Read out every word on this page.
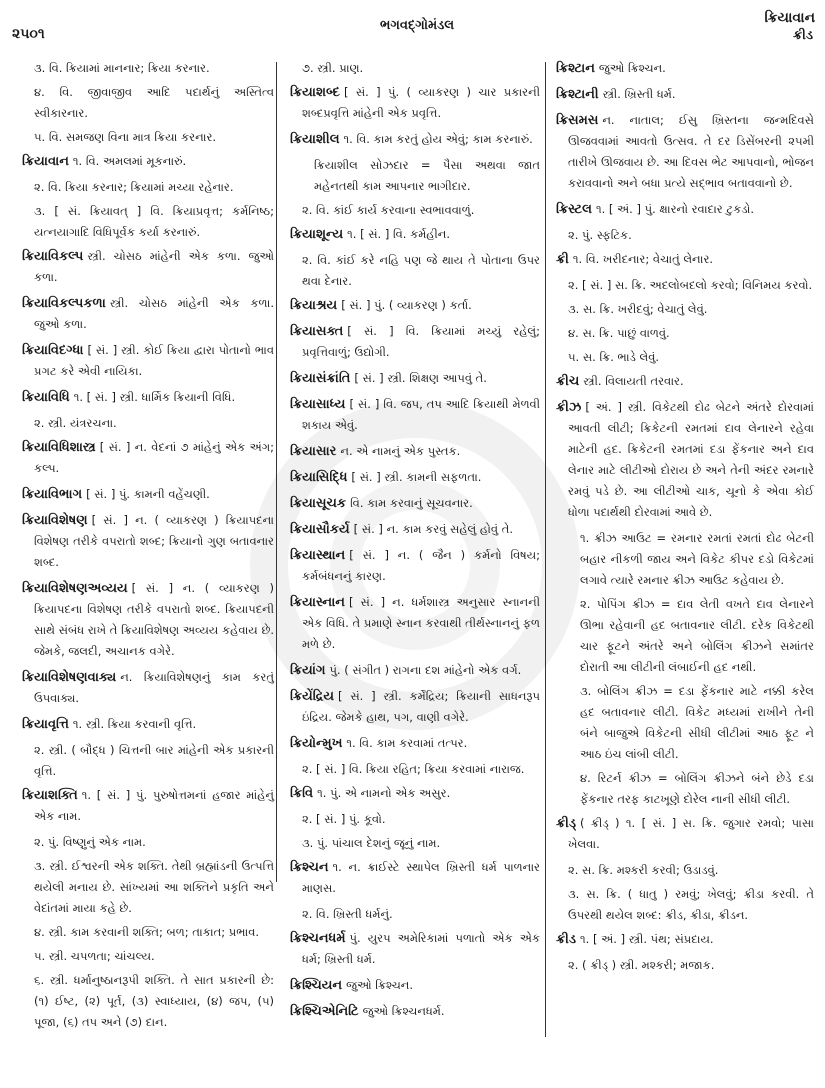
૨૫૦૧
ભગવદ્ગોમંડલ	ક્રિયાવાન
ક્રીડ
૩. વિ. ક્રિયામાં માનનાર; ક્રિયા કરનાર.
૪. વિ. જીવાજીવ આદિ પદાર્થનું અસ્તિત્વ સ્વીકારનાર.
૫. વિ. સમજણ વિના માત્ર ક્રિયા કરનાર.
ક્રિયાવાન ૧. વિ. અમલમાં મૂકનારું.
૨. વિ. ક્રિયા કરનાર; ક્રિયામાં મચ્યા રહેનાર.
૩. [ સં. ક્રિયાવત્ ] વિ. ક્રિયાપ્રવૃત્ત; કર્મનિષ્ઠ; યત્નયાગાદિ વિધિપૂર્વક કર્યા કરનારું.
ક્રિયાવિકલ્પ સ્ત્રી. ચોસઠ માંહેની એક કળા. જુઓ કળા.
ક્રિયાવિકલ્પકળા સ્ત્રી. ચોસઠ માંહેની એક કળા. જુઓ કળા.
ક્રિયાવિદગ્ધા [ સં. ] સ્ત્રી. કોઈ ક્રિયા દ્વારા પોતાનો ભાવ પ્રગટ કરે એવી નાયિકા.
ક્રિયાવિધિ ૧. [ સં. ] સ્ત્રી. ધાર્મિક ક્રિયાની વિધિ.
૨. સ્ત્રી. યંત્રરચના.
ક્રિયાવિધિશાસ્ત્ર [ સં. ] ન. વેદનાં ૭ માંહેનું એક અંગ; કલ્પ.
ક્રિયાવિભાગ [ સં. ] પું. કામની વહેંચણી.
ક્રિયાવિશેષણ [ સં. ] ન. ( વ્યાકરણ ) ક્રિયાપદના વિશેષણ તરીકે વપરાતો શબ્દ; ક્રિયાનો ગુણ બતાવનાર શબ્દ.
ક્રિયાવિશેષણઅવ્યય [ સં. ] ન. ( વ્યાકરણ ) ક્રિયાપદના વિશેષણ તરીકે વપરાતો શબ્દ. ક્રિયાપદની સાથે સંબંધ રાખે તે ક્રિયાવિશેષણ અવ્યય કહેવાય છે. જેમકે, જલદી, અચાનક વગેરે.
ક્રિયાવિશેષણવાક્ય ન. ક્રિયાવિશેષણનું કામ કરતું ઉપવાક્ય.
ક્રિયાવૃત્તિ ૧. સ્ત્રી. ક્રિયા કરવાની વૃત્તિ.
૨. સ્ત્રી. ( બૌદ્ધ ) ચિત્તની બાર માંહેની એક પ્રકારની વૃત્તિ.
ક્રિયાશક્તિ ૧. [ સં. ] પું. પુરુષોત્તમનાં હજાર માંહેનું એક નામ.
૨. પું. વિષ્ણુનું એક નામ.
૩. સ્ત્રી. ઈશ્વરની એક શક્તિ. તેથી બ્રહ્માંડની ઉત્પત્તિ થયેલી મનાય છે. સાંખ્યમાં આ શક્તિને પ્રકૃતિ અને વેદાંતમાં માયા કહે છે.
૪. સ્ત્રી. કામ કરવાની શક્તિ; બળ; તાકાત; પ્રભાવ.
૫. સ્ત્રી. ચપળતા; ચાંચલ્ય.
૬. સ્ત્રી. ધર્માનુષ્ઠાનરૂપી શક્તિ. તે સાત પ્રકારની છે: (૧) ઈષ્ટ, (૨) પૂર્ત, (૩) સ્વાધ્યાય, (૪) જપ, (૫) પૂજા, (૬) તપ અને (૭) દાન.
૭. સ્ત્રી. પ્રાણ.
ક્રિયાશબ્દ [ સં. ] પું. ( વ્યાકરણ ) ચાર પ્રકારની શબ્દપ્રવૃત્તિ માંહેની એક પ્રવૃત્તિ.
ક્રિયાશીલ ૧. વિ. કામ કરતું હોય એવું; કામ કરનારું.
ક્રિયાશીલ સોઝદાર = પૈસા અથવા જાત મહેનતથી કામ આપનાર ભાગીદાર.
૨. વિ. કાંઈ કાર્ય કરવાના સ્વભાવવાળું.
ક્રિયાશૂન્ય ૧. [ સં. ] વિ. કર્મહીન.
૨. વિ. કાંઈ કરે નહિ પણ જે થાય તે પોતાના ઉપર થવા દેનાર.
ક્રિયાશ્રય [ સં. ] પું. ( વ્યાકરણ ) કર્તા.
ક્રિયાસક્ત [ સં. ] વિ. ક્રિયામાં મચ્યું રહેલું; પ્રવૃત્તિવાળું; ઉદ્યોગી.
ક્રિયાસંક્રાંતિ [ સં. ] સ્ત્રી. શિક્ષણ આપવું તે.
ક્રિયાસાધ્ય [ સં. ] વિ. જપ, તપ આદિ ક્રિયાથી મેળવી શકાય એવું.
ક્રિયાસાર ન. એ નામનું એક પુસ્તક.
ક્રિયાસિદ્ધિ [ સં. ] સ્ત્રી. કામની સફળતા.
ક્રિયાસૂચક વિ. કામ કરવાનું સૂચવનાર.
ક્રિયાસૌકર્ય [ સં. ] ન. કામ કરવું સહેલું હોવું તે.
ક્રિયાસ્થાન [ સં. ] ન. ( જૈન ) કર્મનો વિષય; કર્મબંધનનું કારણ.
ક્રિયાસ્નાન [ સં. ] ન. ધર્મશાસ્ત્ર અનુસાર સ્નાનની એક વિધિ. તે પ્રમાણે સ્નાન કરવાથી તીર્થસ્નાનનું ફળ મળે છે.
ક્રિયાંગ પું. ( સંગીત ) રાગના દશ માંહેનો એક વર્ગ.
ક્રિયેંદ્રિય [ સં. ] સ્ત્રી. કર્મેંદ્રિય; ક્રિયાની સાધનરૂપ ઇંદ્રિય. જેમકે હાથ, પગ, વાણી વગેરે.
ક્રિયોન્મુખ ૧. વિ. કામ કરવામાં તત્પર.
૨. [ સં. ] વિ. ક્રિયા રહિત; ક્રિયા કરવામાં નારાજ.
ક્રિવિ ૧. પું. એ નામનો એક અસુર.
૨. [ સં. ] પું. કૂવો.
૩. પું. પાંચાલ દેશનું જૂનું નામ.
ક્રિશ્ચન ૧. ન. ક્રાઈસ્ટે સ્થાપેલ ખ્રિસ્તી ધર્મ પાળનાર માણસ.
૨. વિ. ખ્રિસ્તી ધર્મનું.
ક્રિશ્ચનધર્મ પું. યુરપ અમેરિકામાં પળાતો એક એક ધર્મ; ખ્રિસ્તી ધર્મ.
ક્રિશ્ચિયન જુઓ ક્રિશ્ચન.
ક્રિશ્ચિએનિટિ જુઓ ક્રિશ્ચનધર્મ.
ક્રિશ્ટાન જુઓ ક્રિશ્ચન.
ક્રિશ્ટાની સ્ત્રી. ખ્રિસ્તી ધર્મ.
ક્રિસમસ ન. નાતાલ; ઈસુ ખ્રિસ્તના જન્મદિવસે ઊજવવામાં આવતો ઉત્સવ. તે દર ડિસેંબરની ૨૫મી તારીખે ઊજવાય છે. આ દિવસ ભેટ આપવાનો, ભોજન કરાવવાનો અને બધા પ્રત્યે સદ્ભાવ બતાવવાનો છે.
ક્રિસ્ટલ ૧. [ અં. ] પું. ક્ષારનો રવાદાર ટુકડો.
૨. પું. સ્ફટિક.
ક્રી ૧. વિ. ખરીદનાર; વેચાતું લેનાર.
૨. [ સં. ] સ. ક્રિ. અદલોબદલો કરવો; વિનિમય કરવો.
૩. સ. ક્રિ. ખરીદવું; વેચાતું લેવું.
૪. સ. ક્રિ. પાછું વાળવું.
૫. સ. ક્રિ. ભાડે લેવું.
ક્રીચ સ્ત્રી. વિલાયતી તરવાર.
ક્રીઝ [ અં. ] સ્ત્રી. વિકેટથી દોઢ બેટને અંતરે દોરવામાં આવતી લીટી; ક્રિકેટની રમતમાં દાવ લેનારને રહેવા માટેની હદ. ક્રિકેટની રમતમાં દડા ફેંકનાર અને દાવ લેનાર માટે લીટીઓ દોરાય છે અને તેની અંદર રમનારે રમવું પડે છે. આ લીટીઓ ચાક, ચૂનો કે એવા કોઈ ધોળા પદાર્થથી દોરવામાં આવે છે.
૧. ક્રીઝ આઉટ = રમનાર રમતાં રમતાં દોઢ બેટની બહાર નીકળી જાય અને વિકેટ કીપર દડો વિકેટમાં લગાવે ત્યારે રમનાર ક્રીઝ આઉટ કહેવાય છે.
૨. પોપિંગ ક્રીઝ = દાવ લેતી વખતે દાવ લેનારને ઊભા રહેવાની હદ બતાવનાર લીટી. દરેક વિકેટથી ચાર ફૂટને અંતરે અને બોલિંગ ક્રીઝને સમાંતર દોરાતી આ લીટીની લંબાઈની હદ નથી.
૩. બોલિંગ ક્રીઝ = દડા ફેંકનાર માટે નક્કી કરેલ હદ બતાવનાર લીટી. વિકેટ મધ્યમાં રાખીને તેની બંને બાજુએ વિકેટની સીધી લીટીમાં આઠ ફૂટ ને આઠ ઇંચ લાંબી લીટી.
૪. રિટર્ન ક્રીઝ = બોલિંગ ક્રીઝને બંને છેડે દડા ફેંકનાર તરફ કાટખૂણે દોરેલ નાની સીધી લીટી.
ક્રીડ્ ( ક્રીડ્ ) ૧. [ સં. ] સ. ક્રિ. જુગાર રમવો; પાસા ખેલવા.
૨. સ. ક્રિ. મશ્કરી કરવી; ઉડાડવું.
૩. સ. ક્રિ. ( ધાતુ ) રમવું; ખેલવું; ક્રીડા કરવી. તે ઉપરથી થયેલ શબ્દ: ક્રીડ, ક્રીડા, ક્રીડન.
ક્રીડ ૧. [ અં. ] સ્ત્રી. પંથ; સંપ્રદાય.
૨. ( ક્રીડ્ ) સ્ત્રી. મશ્કરી; મજાક.
